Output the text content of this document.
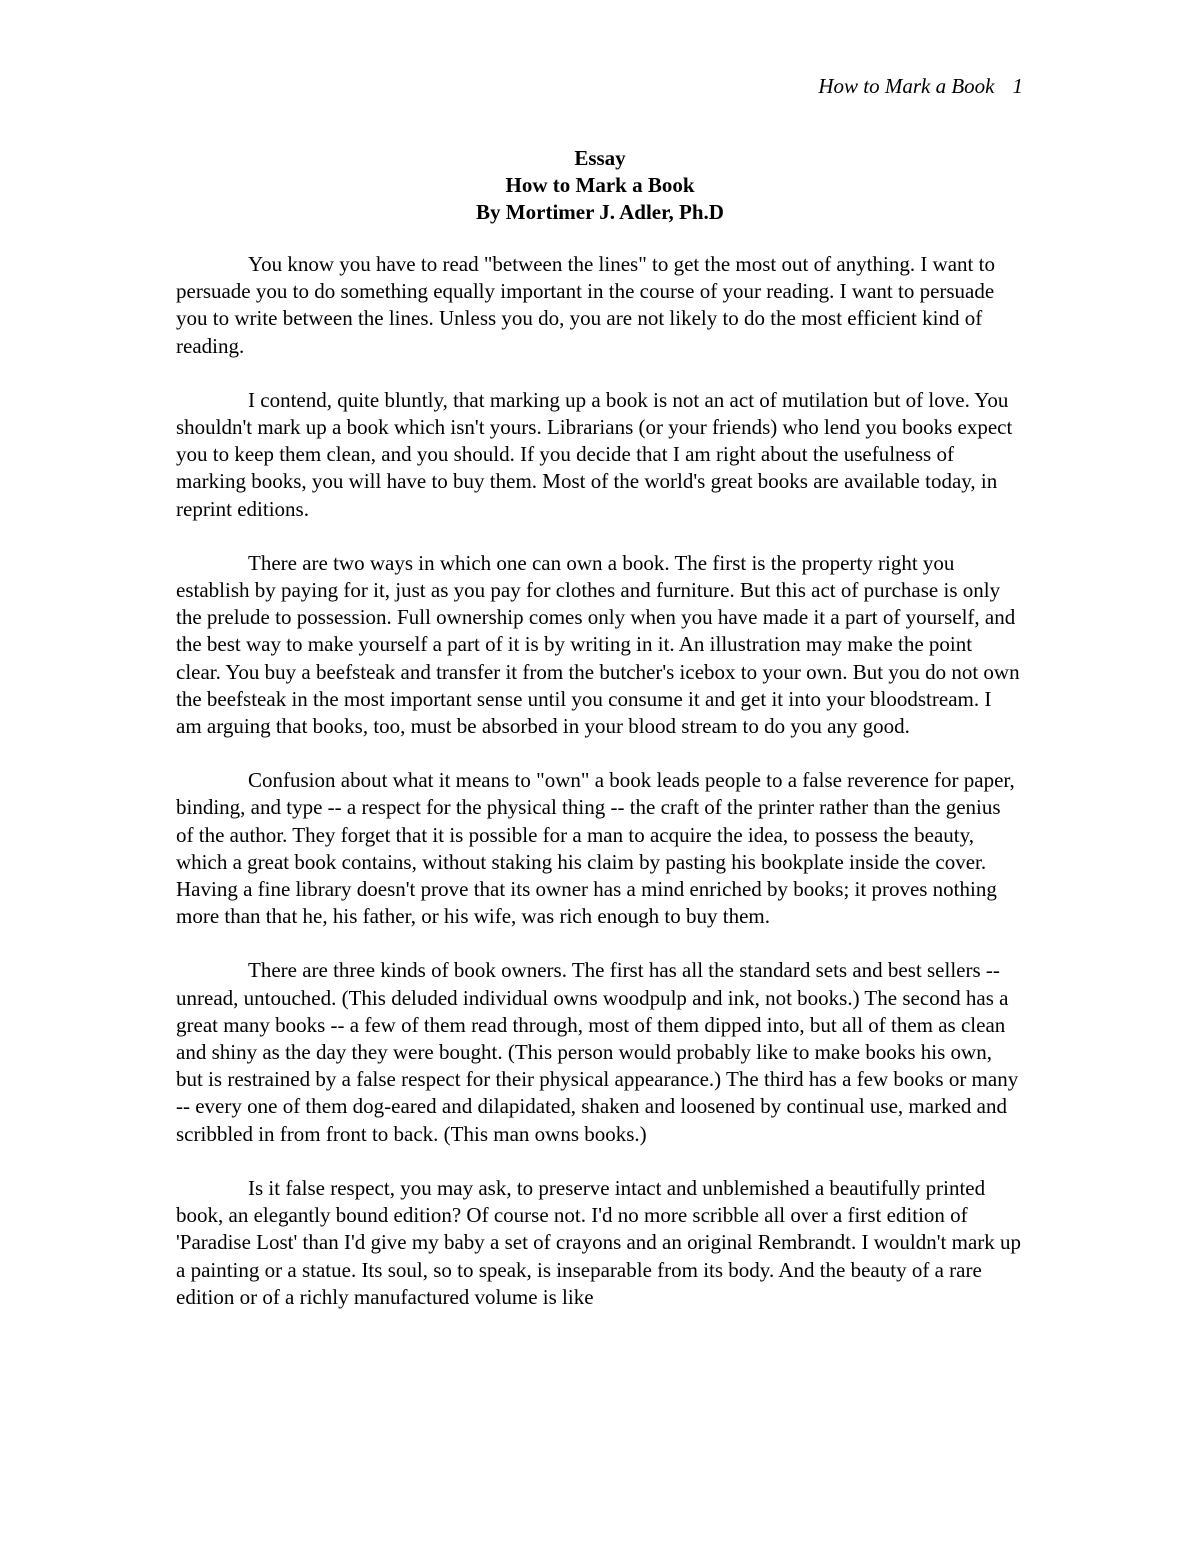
How to Mark a Book 1
Essay
How to Mark a Book
By Mortimer J. Adler, Ph.D

You know you have to read "between the lines" to get the most out of anything. I want to persuade you to do something equally important in the course of your reading. I want to persuade you to write between the lines. Unless you do, you are not likely to do the most efficient kind of reading.

I contend, quite bluntly, that marking up a book is not an act of mutilation but of love. You shouldn't mark up a book which isn't yours. Librarians (or your friends) who lend you books expect you to keep them clean, and you should. If you decide that I am right about the usefulness of marking books, you will have to buy them. Most of the world's great books are available today, in reprint editions.

There are two ways in which one can own a book. The first is the property right you establish by paying for it, just as you pay for clothes and furniture. But this act of purchase is only the prelude to possession. Full ownership comes only when you have made it a part of yourself, and the best way to make yourself a part of it is by writing in it. An illustration may make the point clear. You buy a beefsteak and transfer it from the butcher's icebox to your own. But you do not own the beefsteak in the most important sense until you consume it and get it into your bloodstream. I am arguing that books, too, must be absorbed in your blood stream to do you any good.

Confusion about what it means to "own" a book leads people to a false reverence for paper, binding, and type -- a respect for the physical thing -- the craft of the printer rather than the genius of the author. They forget that it is possible for a man to acquire the idea, to possess the beauty, which a great book contains, without staking his claim by pasting his bookplate inside the cover. Having a fine library doesn't prove that its owner has a mind enriched by books; it proves nothing more than that he, his father, or his wife, was rich enough to buy them.

There are three kinds of book owners. The first has all the standard sets and best sellers -- unread, untouched. (This deluded individual owns woodpulp and ink, not books.) The second has a great many books -- a few of them read through, most of them dipped into, but all of them as clean and shiny as the day they were bought. (This person would probably like to make books his own, but is restrained by a false respect for their physical appearance.) The third has a few books or many -- every one of them dog-eared and dilapidated, shaken and loosened by continual use, marked and scribbled in from front to back. (This man owns books.)

Is it false respect, you may ask, to preserve intact and unblemished a beautifully printed book, an elegantly bound edition? Of course not. I'd no more scribble all over a first edition of 'Paradise Lost' than I'd give my baby a set of crayons and an original Rembrandt. I wouldn't mark up a painting or a statue. Its soul, so to speak, is inseparable from its body. And the beauty of a rare edition or of a richly manufactured volume is like
